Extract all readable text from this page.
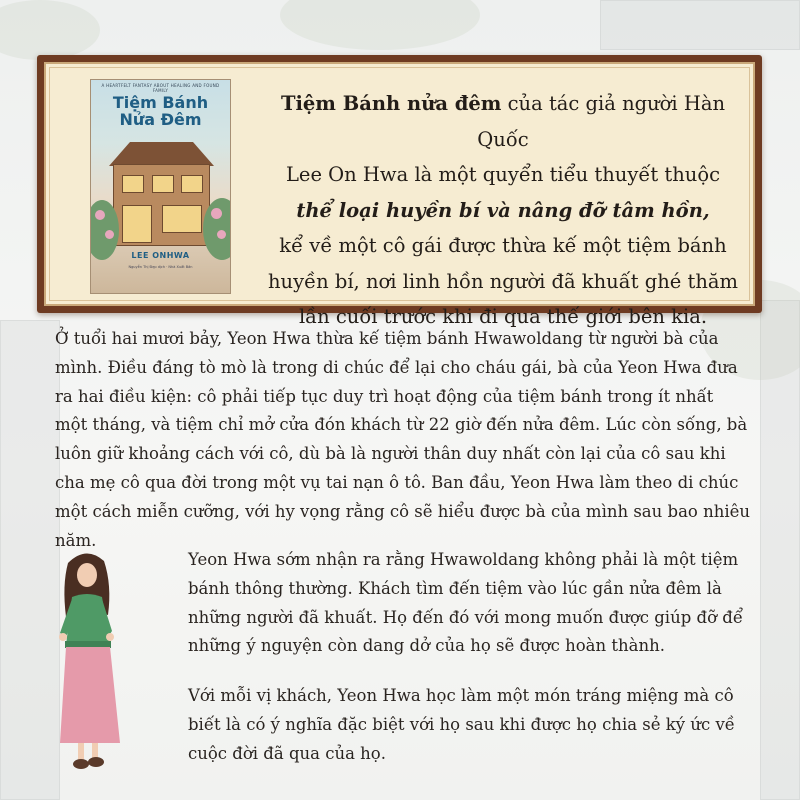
A HEARTFELT FANTASY ABOUT HEALING AND FOUND FAMILY
Tiệm Bánh
Nửa Đêm
LEE ONHWA
Nguyễn Thị Đẹp dịch · Nhà Xuất Bản
Tiệm Bánh nửa đêm của tác giả người Hàn Quốc
Lee On Hwa là một quyển tiểu thuyết thuộc
thể loại huyền bí và nâng đỡ tâm hồn,
kể về một cô gái được thừa kế một tiệm bánh
huyền bí, nơi linh hồn người đã khuất ghé thăm
lần cuối trước khi đi qua thế giới bên kia.

Ở tuổi hai mươi bảy, Yeon Hwa thừa kế tiệm bánh Hwawoldang từ người bà của mình. Điều đáng tò mò là trong di chúc để lại cho cháu gái, bà của Yeon Hwa đưa ra hai điều kiện: cô phải tiếp tục duy trì hoạt động của tiệm bánh trong ít nhất một tháng, và tiệm chỉ mở cửa đón khách từ 22 giờ đến nửa đêm. Lúc còn sống, bà luôn giữ khoảng cách với cô, dù bà là người thân duy nhất còn lại của cô sau khi cha mẹ cô qua đời trong một vụ tai nạn ô tô. Ban đầu, Yeon Hwa làm theo di chúc một cách miễn cưỡng, với hy vọng rằng cô sẽ hiểu được bà của mình sau bao nhiêu năm.

Yeon Hwa sớm nhận ra rằng Hwawoldang không phải là một tiệm bánh thông thường. Khách tìm đến tiệm vào lúc gần nửa đêm là những người đã khuất. Họ đến đó với mong muốn được giúp đỡ để những ý nguyện còn dang dở của họ sẽ được hoàn thành.

Với mỗi vị khách, Yeon Hwa học làm một món tráng miệng mà cô biết là có ý nghĩa đặc biệt với họ sau khi được họ chia sẻ ký ức về cuộc đời đã qua của họ.
